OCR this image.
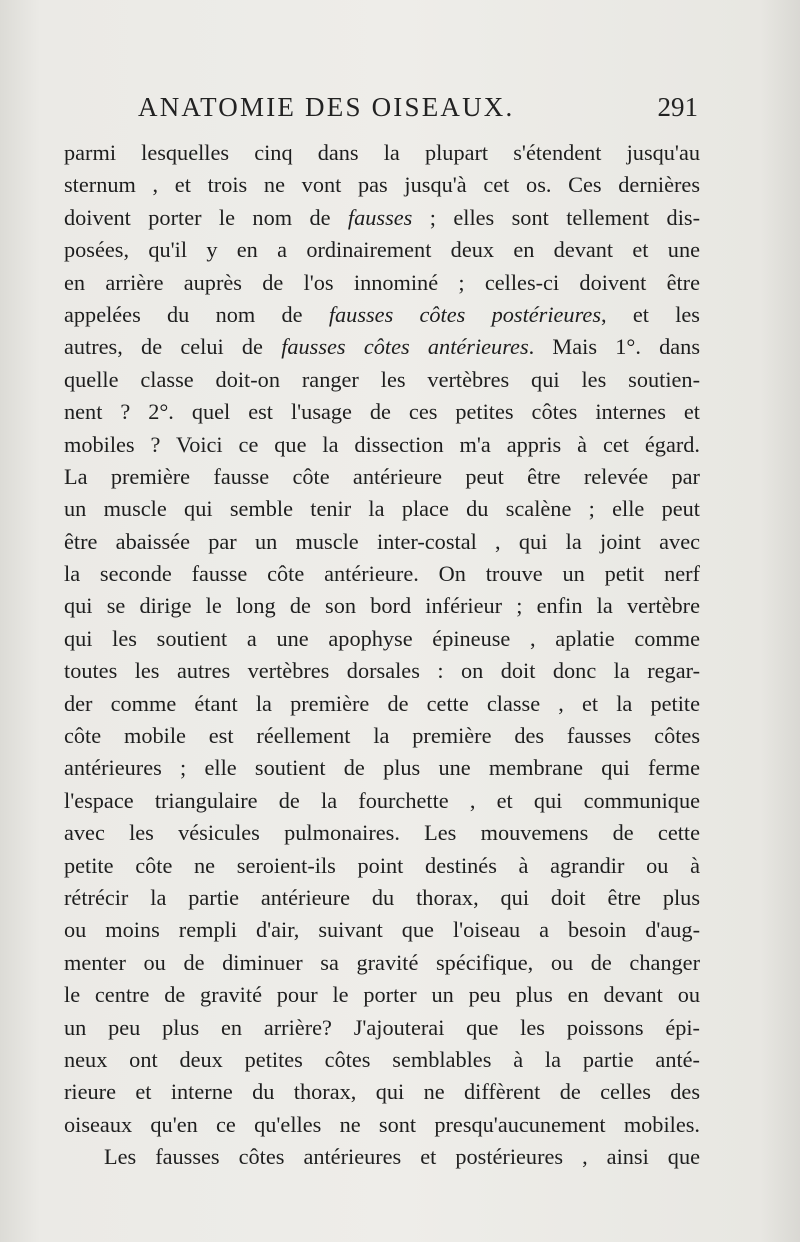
ANATOMIE DES OISEAUX.	291
parmi lesquelles cinq dans la plupart s'étendent jusqu'au
sternum , et trois ne vont pas jusqu'à cet os. Ces dernières
doivent porter le nom de fausses ; elles sont tellement dis-
posées, qu'il y en a ordinairement deux en devant et une
en arrière auprès de l'os innominé ; celles-ci doivent être
appelées du nom de fausses côtes postérieures, et les
autres, de celui de fausses côtes antérieures. Mais 1°. dans
quelle classe doit-on ranger les vertèbres qui les soutien-
nent ? 2°. quel est l'usage de ces petites côtes internes et
mobiles ? Voici ce que la dissection m'a appris à cet égard.
La première fausse côte antérieure peut être relevée par
un muscle qui semble tenir la place du scalène ; elle peut
être abaissée par un muscle inter-costal , qui la joint avec
la seconde fausse côte antérieure. On trouve un petit nerf
qui se dirige le long de son bord inférieur ; enfin la vertèbre
qui les soutient a une apophyse épineuse , aplatie comme
toutes les autres vertèbres dorsales : on doit donc la regar-
der comme étant la première de cette classe , et la petite
côte mobile est réellement la première des fausses côtes
antérieures ; elle soutient de plus une membrane qui ferme
l'espace triangulaire de la fourchette , et qui communique
avec les vésicules pulmonaires. Les mouvemens de cette
petite côte ne seroient-ils point destinés à agrandir ou à
rétrécir la partie antérieure du thorax, qui doit être plus
ou moins rempli d'air, suivant que l'oiseau a besoin d'aug-
menter ou de diminuer sa gravité spécifique, ou de changer
le centre de gravité pour le porter un peu plus en devant ou
un peu plus en arrière? J'ajouterai que les poissons épi-
neux ont deux petites côtes semblables à la partie anté-
rieure et interne du thorax, qui ne diffèrent de celles des
oiseaux qu'en ce qu'elles ne sont presqu'aucunement mobiles.
Les fausses côtes antérieures et postérieures , ainsi que
